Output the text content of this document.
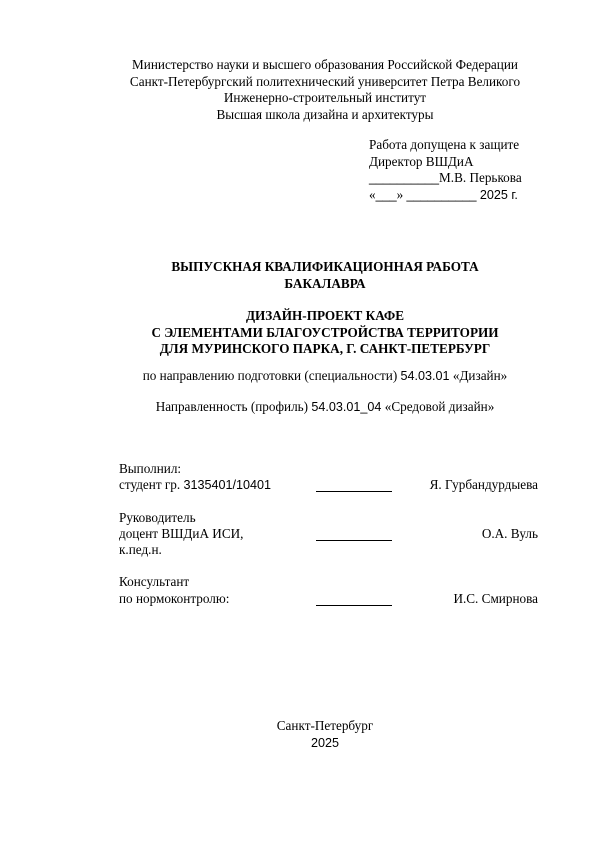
Министерство науки и высшего образования Российской Федерации
Санкт-Петербургский политехнический университет Петра Великого
Инженерно-строительный институт
Высшая школа дизайна и архитектуры
Работа допущена к защите
Директор ВШДиА
__________М.В. Перькова
«___» __________ 2025 г.
ВЫПУСКНАЯ КВАЛИФИКАЦИОННАЯ РАБОТА
БАКАЛАВРА
ДИЗАЙН-ПРОЕКТ КАФЕ
С ЭЛЕМЕНТАМИ БЛАГОУСТРОЙСТВА ТЕРРИТОРИИ
ДЛЯ МУРИНСКОГО ПАРКА, Г. САНКТ-ПЕТЕРБУРГ
по направлению подготовки (специальности) 54.03.01 «Дизайн»
Направленность (профиль) 54.03.01_04 «Средовой дизайн»
Выполнил:
студент гр. 3135401/10401	Я. Гурбандурдыева
Руководитель
доцент ВШДиА ИСИ,
к.пед.н.
О.А. Вуль
Консультант
по нормоконтролю:	И.С. Смирнова
Санкт-Петербург
2025
